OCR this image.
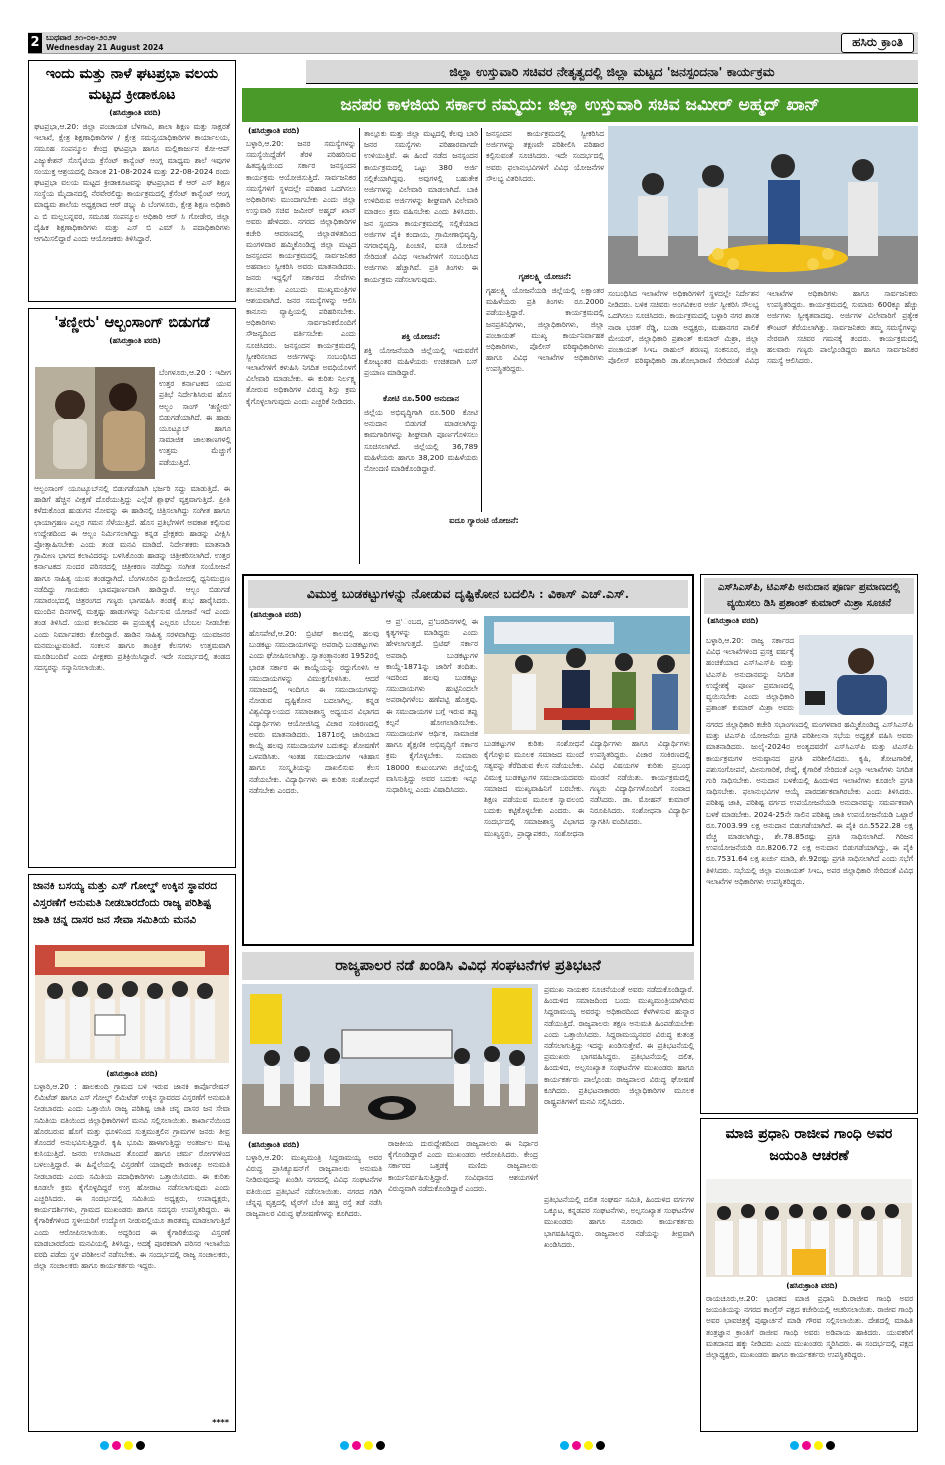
2 ಬುಧವಾರ ೨೧-೦೮-೨೦೨೪
Wednesday 21 August 2024	ಹಸಿರು ಕ್ರಾಂತಿ
ಇಂದು ಮತ್ತು ನಾಳೆ ಘಟಪ್ರಭಾ ವಲಯ ಮಟ್ಟದ ಕ್ರೀಡಾಕೂಟ
(ಹಸಿರುಕ್ರಾಂತಿ ವರದಿ)
ಘಟಪ್ರಭಾ,ಆ.20: ಜಿಲ್ಲಾ ಪಂಚಾಯತ ಬೆಳಗಾವಿ, ಶಾಲಾ ಶಿಕ್ಷಣ ಮತ್ತು ಸಾಕ್ಷರತೆ ಇಲಾಖೆ, ಕ್ಷೇತ್ರ ಶಿಕ್ಷಣಾಧಿಕಾರಿಗಳ / ಕ್ಷೇತ್ರ ಸಮನ್ವಯಾಧಿಕಾರಿಗಳ ಕಾರ್ಯಾಲಯ, ಸಮೂಹ ಸಂಪನ್ಮೂಲ ಕೇಂದ್ರ ಘಟಪ್ರಭಾ ಹಾಗೂ ಮಲ್ಲಿಕಾರ್ಜುನ ಕೋ-ಆಪ್ ಎಜ್ಯುಕೇಶನ್ ಸೊಸೈಟಿಯ ಕ್ರೆಸೆಂಟ್ ಕಾನ್ವೆಂಟ್ ಆಂಗ್ಲ ಮಾಧ್ಯಮ ಶಾಲೆ ಇವುಗಳ ಸಂಯುಕ್ತ ಆಶ್ರಯದಲ್ಲಿ ದಿನಾಂಕ 21-08-2024 ಮತ್ತು 22-08-2024 ರಂದು ಘಟಪ್ರಭಾ ವಲಯ ಮಟ್ಟದ ಕ್ರೀಡಾಕೂಟವನ್ನು ಘಟಪ್ರಭಾದ ಕೆ ಆರ್ ಎಸ್ ಶಿಕ್ಷಣ ಸಂಸ್ಥೆಯ ಮೈದಾನದಲ್ಲಿ ನೆರವೇರಲಿದ್ದು ಕಾರ್ಯಕ್ರಮದಲ್ಲಿ ಕ್ರೆಸೆಂಟ್ ಕಾನ್ವೆಂಟ್ ಆಂಗ್ಲ ಮಾಧ್ಯಮ ಶಾಲೆಯ ಅಧ್ಯಕ್ಷರಾದ ಆರ್ ಡಬ್ಲ್ಯು ಪಿ ಬೆಂಗಳೂರು, ಕ್ಷೇತ್ರ ಶಿಕ್ಷಣ ಅಧಿಕಾರಿ ಎ ಬಿ ಮಲ್ಲಬನ್ನವರ, ಸಮೂಹ ಸಂಪನ್ಮೂಲ ಅಧಿಕಾರಿ ಆರ್ ಸಿ ಗೋಡೇರ, ಜಿಲ್ಲಾ ದೈಹಿಕ ಶಿಕ್ಷಣಾಧಿಕಾರಿಗಳು ಮತ್ತು ಎಸ್ ಬಿ ಎಮ್ ಸಿ ಪದಾಧಿಕಾರಿಗಳು ಆಗಮಿಸಲಿದ್ದಾರೆ ಎಂದು ಆಯೋಜಕರು ತಿಳಿಸಿದ್ದಾರೆ.
'ತಣ್ಣೀರು' ಆಲ್ಬಂಸಾಂಗ್ ಬಿಡುಗಡೆ
(ಹಸಿರುಕ್ರಾಂತಿ ವರದಿ)
ಬೆಂಗಳೂರು,ಆ.20 : ಇದೀಗ ಉತ್ತರ ಕರ್ನಾಟಕದ ಯುವ ಪ್ರತಿಭೆ ನಿರ್ದೇಶಿಸಿರುವ ಹೊಸ ಆಲ್ಬಂ ಸಾಂಗ್ 'ತಣ್ಣೀರು' ಬಿಡುಗಡೆಯಾಗಿದೆ. ಈ ಹಾಡು ಯೂಟ್ಯೂಬ್ ಹಾಗೂ ಸಾಮಾಜಿಕ ಜಾಲತಾಣಗಳಲ್ಲಿ ಉತ್ತಮ ಮೆಚ್ಚುಗೆ ಪಡೆಯುತ್ತಿದೆ.
ಆಲ್ಬಂಸಾಂಗ್ ಯೂಟ್ಯೂಬ್‌ನಲ್ಲಿ ಬಿಡುಗಡೆಯಾಗಿ ಭರ್ಜರಿ ಸದ್ದು ಮಾಡುತ್ತಿದೆ. ಈ ಹಾಡಿಗೆ ಹೆಚ್ಚಿನ ವೀಕ್ಷಣೆ ದೊರೆಯುತ್ತಿದ್ದು ಎಲ್ಲೆಡೆ ಶ್ಲಾಘನೆ ವ್ಯಕ್ತವಾಗುತ್ತಿದೆ. ಪ್ರೀತಿ ಕಳೆದುಕೊಂಡ ಹುಡುಗನ ನೋವನ್ನು ಈ ಹಾಡಿನಲ್ಲಿ ಚಿತ್ರಿಸಲಾಗಿದ್ದು ಸಂಗೀತ ಹಾಗೂ ಛಾಯಾಗ್ರಹಣ ಎಲ್ಲರ ಗಮನ ಸೆಳೆಯುತ್ತಿದೆ. ಹೊಸ ಪ್ರತಿಭೆಗಳಿಗೆ ಅವಕಾಶ ಕಲ್ಪಿಸುವ ಉದ್ದೇಶದಿಂದ ಈ ಆಲ್ಬಂ ನಿರ್ಮಿಸಲಾಗಿದ್ದು ಕನ್ನಡ ಪ್ರೇಕ್ಷಕರು ಹಾಡನ್ನು ವೀಕ್ಷಿಸಿ ಪ್ರೋತ್ಸಾಹಿಸಬೇಕು ಎಂದು ತಂಡ ಮನವಿ ಮಾಡಿದೆ. ನಿರ್ದೇಶಕರು ಮಾತನಾಡಿ ಗ್ರಾಮೀಣ ಭಾಗದ ಕಲಾವಿದರನ್ನು ಬಳಸಿಕೊಂಡು ಹಾಡನ್ನು ಚಿತ್ರೀಕರಿಸಲಾಗಿದೆ. ಉತ್ತರ ಕರ್ನಾಟಕದ ಸುಂದರ ಪರಿಸರದಲ್ಲಿ ಚಿತ್ರೀಕರಣ ನಡೆದಿದ್ದು ಸಂಗೀತ ಸಂಯೋಜನೆ ಹಾಗೂ ಸಾಹಿತ್ಯ ಯುವ ತಂಡದ್ದಾಗಿದೆ. ಬೆಂಗಳೂರಿನ ಸ್ಟುಡಿಯೋದಲ್ಲಿ ಧ್ವನಿಮುದ್ರಣ ನಡೆದಿದ್ದು ಗಾಯಕರು ಭಾವಪೂರ್ಣವಾಗಿ ಹಾಡಿದ್ದಾರೆ. ಆಲ್ಬಂ ಬಿಡುಗಡೆ ಸಮಾರಂಭದಲ್ಲಿ ಚಿತ್ರರಂಗದ ಗಣ್ಯರು ಭಾಗವಹಿಸಿ ತಂಡಕ್ಕೆ ಶುಭ ಹಾರೈಸಿದರು. ಮುಂದಿನ ದಿನಗಳಲ್ಲಿ ಮತ್ತಷ್ಟು ಹಾಡುಗಳನ್ನು ನಿರ್ಮಿಸುವ ಯೋಜನೆ ಇದೆ ಎಂದು ತಂಡ ತಿಳಿಸಿದೆ. ಯುವ ಕಲಾವಿದರ ಈ ಪ್ರಯತ್ನಕ್ಕೆ ಎಲ್ಲರೂ ಬೆಂಬಲ ನೀಡಬೇಕು ಎಂದು ನಿರ್ಮಾಪಕರು ಕೋರಿದ್ದಾರೆ. ಹಾಡಿನ ಸಾಹಿತ್ಯ ಸರಳವಾಗಿದ್ದು ಯುವಜನರ ಮನಮುಟ್ಟುವಂತಿದೆ. ಸಂಕಲನ ಹಾಗೂ ತಾಂತ್ರಿಕ ಕೆಲಸಗಳು ಉತ್ತಮವಾಗಿ ಮೂಡಿಬಂದಿವೆ ಎಂದು ವೀಕ್ಷಕರು ಪ್ರತಿಕ್ರಿಯಿಸಿದ್ದಾರೆ. ಇದೇ ಸಂದರ್ಭದಲ್ಲಿ ತಂಡದ ಸದಸ್ಯರನ್ನು ಸನ್ಮಾನಿಸಲಾಯಿತು.
ಜಾನಕಿ ಬಸಯ್ಯ ಮತ್ತು ಎಸ್ ಗೋಲ್ಡ್ ಉಕ್ಕಿನ ಸ್ಥಾವರದ ವಿಸ್ತರಣೆಗೆ ಅನುಮತಿ ನೀಡಬಾರದೆಂದು ರಾಜ್ಯ ಪರಿಶಿಷ್ಟ ಜಾತಿ ಚನ್ನ ದಾಸರ ಜನ ಸೇವಾ ಸಮಿತಿಯ ಮನವಿ
(ಹಸಿರುಕ್ರಾಂತಿ ವರದಿ)
ಬಳ್ಳಾರಿ,ಆ.20 : ಹಾಲಕುಂದಿ ಗ್ರಾಮದ ಬಳಿ ಇರುವ ಜಾನಕಿ ಕಾರ್ಪೊರೇಷನ್ ಲಿಮಿಟೆಡ್ ಹಾಗೂ ಎಸ್ ಗೋಲ್ಡ್ ಲಿಮಿಟೆಡ್ ಉಕ್ಕಿನ ಸ್ಥಾವರದ ವಿಸ್ತರಣೆಗೆ ಅನುಮತಿ ನೀಡಬಾರದು ಎಂದು ಒತ್ತಾಯಿಸಿ ರಾಜ್ಯ ಪರಿಶಿಷ್ಟ ಜಾತಿ ಚನ್ನ ದಾಸರ ಜನ ಸೇವಾ ಸಮಿತಿಯ ವತಿಯಿಂದ ಜಿಲ್ಲಾಧಿಕಾರಿಗಳಿಗೆ ಮನವಿ ಸಲ್ಲಿಸಲಾಯಿತು. ಕಾರ್ಖಾನೆಯಿಂದ ಹೊರಬರುವ ಹೊಗೆ ಮತ್ತು ಧೂಳಿನಿಂದ ಸುತ್ತಮುತ್ತಲಿನ ಗ್ರಾಮಗಳ ಜನರು ತೀವ್ರ ತೊಂದರೆ ಅನುಭವಿಸುತ್ತಿದ್ದಾರೆ. ಕೃಷಿ ಭೂಮಿ ಹಾಳಾಗುತ್ತಿದ್ದು ಅಂತರ್ಜಲ ಮಟ್ಟ ಕುಸಿಯುತ್ತಿದೆ. ಜನರು ಉಸಿರಾಟದ ತೊಂದರೆ ಹಾಗೂ ಚರ್ಮ ರೋಗಗಳಿಂದ ಬಳಲುತ್ತಿದ್ದಾರೆ. ಈ ಹಿನ್ನೆಲೆಯಲ್ಲಿ ವಿಸ್ತರಣೆಗೆ ಯಾವುದೇ ಕಾರಣಕ್ಕೂ ಅನುಮತಿ ನೀಡಬಾರದು ಎಂದು ಸಮಿತಿಯ ಪದಾಧಿಕಾರಿಗಳು ಒತ್ತಾಯಿಸಿದರು. ಈ ಕುರಿತು ಕೂಡಲೇ ಕ್ರಮ ಕೈಗೊಳ್ಳದಿದ್ದರೆ ಉಗ್ರ ಹೋರಾಟ ನಡೆಸಲಾಗುವುದು ಎಂದು ಎಚ್ಚರಿಸಿದರು. ಈ ಸಂದರ್ಭದಲ್ಲಿ ಸಮಿತಿಯ ಅಧ್ಯಕ್ಷರು, ಉಪಾಧ್ಯಕ್ಷರು, ಕಾರ್ಯದರ್ಶಿಗಳು, ಗ್ರಾಮದ ಮುಖಂಡರು ಹಾಗೂ ಸದಸ್ಯರು ಉಪಸ್ಥಿತರಿದ್ದರು. ಈ ಕೈಗಾರಿಕೆಗಳಿಂದ ಸ್ಥಳೀಯರಿಗೆ ಉದ್ಯೋಗ ನೀಡುವಲ್ಲಿಯೂ ತಾರತಮ್ಯ ಮಾಡಲಾಗುತ್ತಿದೆ ಎಂದು ಆರೋಪಿಸಲಾಯಿತು. ಅದ್ದರಿಂದ ಈ ಕೈಗಾರಿಕೆಯನ್ನು ವಿಸ್ತರಣೆ ಮಾಡಬಾರದೆಂದು ಮನವಿಯಲ್ಲಿ ತಿಳಿಸಿದ್ದು, ಅದಕ್ಕೆ ಪೂರಕವಾಗಿ ಪರಿಸರ ಇಲಾಖೆಯ ವರದಿ ಪಡೆದು ಸ್ಥಳ ಪರಿಶೀಲನೆ ನಡೆಸಬೇಕು. ಈ ಸಂದರ್ಭದಲ್ಲಿ ರಾಜ್ಯ ಸಂಚಾಲಕರು, ಜಿಲ್ಲಾ ಸಂಚಾಲಕರು ಹಾಗೂ ಕಾರ್ಯಕರ್ತರು ಇದ್ದರು.
****
ಜಿಲ್ಲಾ ಉಸ್ತುವಾರಿ ಸಚಿವರ ನೇತೃತ್ವದಲ್ಲಿ ಜಿಲ್ಲಾ ಮಟ್ಟದ 'ಜನಸ್ಪಂದನಾ' ಕಾರ್ಯಕ್ರಮ
ಜನಪರ ಕಾಳಜಿಯ ಸರ್ಕಾರ ನಮ್ಮದು: ಜಿಲ್ಲಾ ಉಸ್ತುವಾರಿ ಸಚಿವ ಜಮೀರ್ ಅಹ್ಮದ್ ಖಾನ್
(ಹಸಿರುಕ್ರಾಂತಿ ವರದಿ)
ಬಳ್ಳಾರಿ,ಆ.20: ಜನರ ಸಮಸ್ಯೆಗಳನ್ನು ಸಮಸ್ಯೆಯಿದ್ದೆಡೆಗೆ ತೆರಳಿ ಪರಿಹರಿಸುವ ಹಿತದೃಷ್ಟಿಯಿಂದ ಸರ್ಕಾರ ಜನಸ್ಪಂದನ ಕಾರ್ಯಕ್ರಮ ಆಯೋಜಿಸುತ್ತಿದೆ. ಸಾರ್ವಜನಿಕರ ಸಮಸ್ಯೆಗಳಿಗೆ ಸ್ಥಳದಲ್ಲೇ ಪರಿಹಾರ ಒದಗಿಸಲು ಅಧಿಕಾರಿಗಳು ಮುಂದಾಗಬೇಕು ಎಂದು ಜಿಲ್ಲಾ ಉಸ್ತುವಾರಿ ಸಚಿವ ಜಮೀರ್ ಅಹ್ಮದ್ ಖಾನ್ ಅವರು ಹೇಳಿದರು. ನಗರದ ಜಿಲ್ಲಾಧಿಕಾರಿಗಳ ಕಚೇರಿ ಆವರಣದಲ್ಲಿ ಜಿಲ್ಲಾಡಳಿತದಿಂದ ಮಂಗಳವಾರ ಹಮ್ಮಿಕೊಂಡಿದ್ದ ಜಿಲ್ಲಾ ಮಟ್ಟದ ಜನಸ್ಪಂದನ ಕಾರ್ಯಕ್ರಮದಲ್ಲಿ ಸಾರ್ವಜನಿಕರ ಅಹವಾಲು ಸ್ವೀಕರಿಸಿ ಅವರು ಮಾತನಾಡಿದರು. ಜನರು ಇದ್ದಲ್ಲಿಗೆ ಸರ್ಕಾರದ ಸೇವೆಗಳು ತಲುಪಬೇಕು ಎಂಬುದು ಮುಖ್ಯಮಂತ್ರಿಗಳ ಆಶಯವಾಗಿದೆ. ಜನರ ಸಮಸ್ಯೆಗಳನ್ನು ಆಲಿಸಿ ಕಾನೂನು ವ್ಯಾಪ್ತಿಯಲ್ಲಿ ಪರಿಹರಿಸಬೇಕು. ಅಧಿಕಾರಿಗಳು ಸಾರ್ವಜನಿಕರೊಂದಿಗೆ ಸೌಜನ್ಯದಿಂದ ವರ್ತಿಸಬೇಕು ಎಂದು ಸೂಚಿಸಿದರು. ಜನಸ್ಪಂದನ ಕಾರ್ಯಕ್ರಮದಲ್ಲಿ ಸ್ವೀಕರಿಸಲಾದ ಅರ್ಜಿಗಳನ್ನು ಸಂಬಂಧಿಸಿದ ಇಲಾಖೆಗಳಿಗೆ ಕಳುಹಿಸಿ ನಿಗದಿತ ಅವಧಿಯೊಳಗೆ ವಿಲೇವಾರಿ ಮಾಡಬೇಕು. ಈ ಕುರಿತು ನಿರ್ಲಕ್ಷ್ಯ ತೋರುವ ಅಧಿಕಾರಿಗಳ ವಿರುದ್ಧ ಶಿಸ್ತು ಕ್ರಮ ಕೈಗೊಳ್ಳಲಾಗುವುದು ಎಂದು ಎಚ್ಚರಿಕೆ ನೀಡಿದರು.
ತಾಲ್ಲೂಕು ಮತ್ತು ಜಿಲ್ಲಾ ಮಟ್ಟದಲ್ಲಿ ಕೆಲವು ಬಾರಿ ಜನರ ಸಮಸ್ಯೆಗಳು ಪರಿಹಾರವಾಗದೇ ಉಳಿಯುತ್ತಿವೆ. ಈ ಹಿಂದೆ ನಡೆದ ಜನಸ್ಪಂದನ ಕಾರ್ಯಕ್ರಮದಲ್ಲಿ ಒಟ್ಟು 380 ಅರ್ಜಿ ಸಲ್ಲಿಕೆಯಾಗಿದ್ದವು. ಅವುಗಳಲ್ಲಿ ಬಹುತೇಕ ಅರ್ಜಿಗಳನ್ನು ವಿಲೇವಾರಿ ಮಾಡಲಾಗಿದೆ. ಬಾಕಿ ಉಳಿದಿರುವ ಅರ್ಜಿಗಳನ್ನು ಶೀಘ್ರವಾಗಿ ವಿಲೇವಾರಿ ಮಾಡಲು ಕ್ರಮ ವಹಿಸಬೇಕು ಎಂದು ತಿಳಿಸಿದರು. ಜನ ಸ್ಪಂದನಾ ಕಾರ್ಯಕ್ರಮದಲ್ಲಿ ಸಲ್ಲಿಕೆಯಾದ ಅರ್ಜಿಗಳ ಪೈಕಿ ಕಂದಾಯ, ಗ್ರಾಮೀಣಾಭಿವೃದ್ಧಿ, ನಗರಾಭಿವೃದ್ಧಿ, ಪಿಂಚಣಿ, ವಸತಿ ಯೋಜನೆ ಸೇರಿದಂತೆ ವಿವಿಧ ಇಲಾಖೆಗಳಿಗೆ ಸಂಬಂಧಿಸಿದ ಅರ್ಜಿಗಳು ಹೆಚ್ಚಾಗಿವೆ. ಪ್ರತಿ ತಿಂಗಳು ಈ ಕಾರ್ಯಕ್ರಮ ನಡೆಸಲಾಗುವುದು.
ಶಕ್ತಿ ಯೋಜನೆ:
ಶಕ್ತಿ ಯೋಜನೆಯಡಿ ಜಿಲ್ಲೆಯಲ್ಲಿ ಇದುವರೆಗೆ ಕೋಟ್ಯಂತರ ಮಹಿಳೆಯರು ಉಚಿತವಾಗಿ ಬಸ್ ಪ್ರಯಾಣ ಮಾಡಿದ್ದಾರೆ.
ಕೋಟಿ ರೂ.500 ಅನುದಾನ
ಜಿಲ್ಲೆಯ ಅಭಿವೃದ್ಧಿಗಾಗಿ ರೂ.500 ಕೋಟಿ ಅನುದಾನ ಬಿಡುಗಡೆ ಮಾಡಲಾಗಿದ್ದು ಕಾಮಗಾರಿಗಳನ್ನು ಶೀಘ್ರವಾಗಿ ಪೂರ್ಣಗೊಳಿಸಲು ಸೂಚಿಸಲಾಗಿದೆ. ಜಿಲ್ಲೆಯಲ್ಲಿ 36,789 ಮಹಿಳೆಯರು ಹಾಗೂ 38,200 ಮಹಿಳೆಯರು ನೋಂದಣಿ ಮಾಡಿಕೊಂಡಿದ್ದಾರೆ.
ಐದೂ ಗ್ಯಾರಂಟಿ ಯೋಜನೆ:
ಜನಸ್ಪಂದನ ಕಾರ್ಯಕ್ರಮದಲ್ಲಿ ಸ್ವೀಕರಿಸಿದ ಅರ್ಜಿಗಳನ್ನು ತಕ್ಷಣವೇ ಪರಿಶೀಲಿಸಿ ಪರಿಹಾರ ಕಲ್ಪಿಸುವಂತೆ ಸೂಚಿಸಿದರು. ಇದೇ ಸಂದರ್ಭದಲ್ಲಿ ಅವರು ಫಲಾನುಭವಿಗಳಿಗೆ ವಿವಿಧ ಯೋಜನೆಗಳ ಸೌಲಭ್ಯ ವಿತರಿಸಿದರು.
ಗೃಹಲಕ್ಷ್ಮಿ ಯೋಜನೆ:
ಗೃಹಲಕ್ಷ್ಮಿ ಯೋಜನೆಯಡಿ ಜಿಲ್ಲೆಯಲ್ಲಿ ಲಕ್ಷಾಂತರ ಮಹಿಳೆಯರು ಪ್ರತಿ ತಿಂಗಳು ರೂ.2000 ಪಡೆಯುತ್ತಿದ್ದಾರೆ. ಕಾರ್ಯಕ್ರಮದಲ್ಲಿ ಜನಪ್ರತಿನಿಧಿಗಳು, ಜಿಲ್ಲಾಧಿಕಾರಿಗಳು, ಜಿಲ್ಲಾ ಪಂಚಾಯತ್ ಮುಖ್ಯ ಕಾರ್ಯನಿರ್ವಾಹಕ ಅಧಿಕಾರಿಗಳು, ಪೊಲೀಸ್ ವರಿಷ್ಠಾಧಿಕಾರಿಗಳು ಹಾಗೂ ವಿವಿಧ ಇಲಾಖೆಗಳ ಅಧಿಕಾರಿಗಳು ಉಪಸ್ಥಿತರಿದ್ದರು.
ಸಂಬಂಧಿಸಿದ ಇಲಾಖೆಗಳ ಅಧಿಕಾರಿಗಳಿಗೆ ಸ್ಥಳದಲ್ಲೇ ನಿರ್ದೇಶನ ನೀಡಿದರು. ಬಳಿಕ ಸಚಿವರು ಅಂಗವಿಕಲರ ಅರ್ಜಿ ಸ್ವೀಕರಿಸಿ ಸೌಲಭ್ಯ ಒದಗಿಸಲು ಸೂಚಿಸಿದರು. ಕಾರ್ಯಕ್ರಮದಲ್ಲಿ ಬಳ್ಳಾರಿ ನಗರ ಶಾಸಕ ನಾರಾ ಭರತ್ ರೆಡ್ಡಿ, ಬುಡಾ ಅಧ್ಯಕ್ಷರು, ಮಹಾನಗರ ಪಾಲಿಕೆ ಮೇಯರ್, ಜಿಲ್ಲಾಧಿಕಾರಿ ಪ್ರಶಾಂತ್ ಕುಮಾರ್ ಮಿಶ್ರಾ, ಜಿಲ್ಲಾ ಪಂಚಾಯತ್ ಸಿಇಒ ರಾಹುಲ್ ಶರಣಪ್ಪ ಸಂಕನೂರ, ಜಿಲ್ಲಾ ಪೊಲೀಸ್ ವರಿಷ್ಠಾಧಿಕಾರಿ ಡಾ.ಶೋಭಾರಾಣಿ ಸೇರಿದಂತೆ ವಿವಿಧ ಇಲಾಖೆಗಳ ಅಧಿಕಾರಿಗಳು ಹಾಗೂ ಸಾರ್ವಜನಿಕರು ಉಪಸ್ಥಿತರಿದ್ದರು. ಕಾರ್ಯಕ್ರಮದಲ್ಲಿ ಸುಮಾರು 600ಕ್ಕೂ ಹೆಚ್ಚು ಅರ್ಜಿಗಳು ಸ್ವೀಕೃತವಾದವು. ಅರ್ಜಿಗಳ ವಿಲೇವಾರಿಗೆ ಪ್ರತ್ಯೇಕ ಕೌಂಟರ್ ತೆರೆಯಲಾಗಿತ್ತು. ಸಾರ್ವಜನಿಕರು ತಮ್ಮ ಸಮಸ್ಯೆಗಳನ್ನು ನೇರವಾಗಿ ಸಚಿವರ ಗಮನಕ್ಕೆ ತಂದರು. ಕಾರ್ಯಕ್ರಮದಲ್ಲಿ ಹಲವಾರು ಗಣ್ಯರು ಪಾಲ್ಗೊಂಡಿದ್ದರು ಹಾಗೂ ಸಾರ್ವಜನಿಕರ ಸಮಸ್ಯೆ ಆಲಿಸಿದರು.
ವಿಮುಕ್ತ ಬುಡಕಟ್ಟುಗಳನ್ನು ನೋಡುವ ದೃಷ್ಟಿಕೋನ ಬದಲಿಸಿ : ವಿಕಾಸ್ ಎಚ್.ಎಸ್.
(ಹಸಿರುಕ್ರಾಂತಿ ವರದಿ)
ಹೊಸಪೇಟೆ,ಆ.20: ಬ್ರಿಟಿಷ್ ಕಾಲದಲ್ಲಿ ಹಲವು ಬುಡಕಟ್ಟು ಸಮುದಾಯಗಳನ್ನು ಅಪರಾಧಿ ಬುಡಕಟ್ಟುಗಳು ಎಂದು ಘೋಷಿಸಲಾಗಿತ್ತು. ಸ್ವಾತಂತ್ರ್ಯಾನಂತರ 1952ರಲ್ಲಿ ಭಾರತ ಸರ್ಕಾರ ಈ ಕಾಯ್ದೆಯನ್ನು ರದ್ದುಗೊಳಿಸಿ ಆ ಸಮುದಾಯಗಳನ್ನು ವಿಮುಕ್ತಗೊಳಿಸಿತು. ಆದರೆ ಸಮಾಜದಲ್ಲಿ ಇಂದಿಗೂ ಈ ಸಮುದಾಯಗಳನ್ನು ನೋಡುವ ದೃಷ್ಟಿಕೋನ ಬದಲಾಗಿಲ್ಲ. ಕನ್ನಡ ವಿಶ್ವವಿದ್ಯಾಲಯದ ಸಮಾಜಶಾಸ್ತ್ರ ಅಧ್ಯಯನ ವಿಭಾಗದ ವಿದ್ಯಾರ್ಥಿಗಳು ಆಯೋಜಿಸಿದ್ದ ವಿಚಾರ ಸಂಕಿರಣದಲ್ಲಿ ಅವರು ಮಾತನಾಡಿದರು. 1871ರಲ್ಲಿ ಜಾರಿಯಾದ ಕಾಯ್ದೆ ಹಲವು ಸಮುದಾಯಗಳ ಬದುಕನ್ನು ಶೋಷಣೆಗೆ ಒಳಪಡಿಸಿತು. ಇಂತಹ ಸಮುದಾಯಗಳ ಇತಿಹಾಸ ಹಾಗೂ ಸಂಸ್ಕೃತಿಯನ್ನು ದಾಖಲಿಸುವ ಕೆಲಸ ನಡೆಯಬೇಕು. ವಿದ್ಯಾರ್ಥಿಗಳು ಈ ಕುರಿತು ಸಂಶೋಧನೆ ನಡೆಸಬೇಕು ಎಂದರು.
ಆ ಪ್ರ'ಂಬದ, ಪ್ರ'ಬರದಿನಗಳಲ್ಲಿ ಈ ಕೃತ್ಯಗಳನ್ನು ಮಾಡಿದ್ದರು ಎಂದು ಹೇಳಲಾಗುತ್ತದೆ. ಬ್ರಿಟಿಷ್ ಸರ್ಕಾರ ಅಪರಾಧಿ ಬುಡಕಟ್ಟುಗಳ ಕಾಯ್ದೆ-1871ನ್ನು ಜಾರಿಗೆ ತಂದಿತು. ಇದರಿಂದ ಹಲವು ಬುಡಕಟ್ಟು ಸಮುದಾಯಗಳು ಹುಟ್ಟಿನಿಂದಲೇ ಅಪರಾಧಿಗಳೆಂಬ ಹಣೆಪಟ್ಟಿ ಹೊತ್ತವು. ಈ ಸಮುದಾಯಗಳ ಬಗ್ಗೆ ಇರುವ ತಪ್ಪು ಕಲ್ಪನೆ ಹೋಗಲಾಡಿಸಬೇಕು. ಸಮುದಾಯಗಳ ಆರ್ಥಿಕ, ಸಾಮಾಜಿಕ ಹಾಗೂ ಶೈಕ್ಷಣಿಕ ಅಭಿವೃದ್ಧಿಗೆ ಸರ್ಕಾರ ಕ್ರಮ ಕೈಗೊಳ್ಳಬೇಕು. ಸುಮಾರು 18000 ಕುಟುಂಬಗಳು ಜಿಲ್ಲೆಯಲ್ಲಿ ವಾಸಿಸುತ್ತಿದ್ದು ಅವರ ಬದುಕು ಇನ್ನೂ ಸುಧಾರಿಸಿಲ್ಲ ಎಂದು ವಿಷಾದಿಸಿದರು.
ಬುಡಕಟ್ಟುಗಳ ಕುರಿತು ಸಂಶೋಧನೆ ಕೈಗೊಳ್ಳುವ ಮೂಲಕ ಸಮಾಜದ ಮುಂದೆ ಸತ್ಯವನ್ನು ತೆರೆದಿಡುವ ಕೆಲಸ ನಡೆಯಬೇಕು. ವಿಮುಕ್ತ ಬುಡಕಟ್ಟುಗಳ ಸಮುದಾಯದವರು ಸಮಾಜದ ಮುಖ್ಯವಾಹಿನಿಗೆ ಬರಬೇಕು. ಶಿಕ್ಷಣ ಪಡೆಯುವ ಮೂಲಕ ಸ್ವಾವಲಂಬಿ ಬದುಕು ಕಟ್ಟಿಕೊಳ್ಳಬೇಕು ಎಂದರು. ಈ ಸಂದರ್ಭದಲ್ಲಿ ಸಮಾಜಶಾಸ್ತ್ರ ವಿಭಾಗದ ಮುಖ್ಯಸ್ಥರು, ಪ್ರಾಧ್ಯಾಪಕರು, ಸಂಶೋಧನಾ ವಿದ್ಯಾರ್ಥಿಗಳು ಹಾಗೂ ವಿದ್ಯಾರ್ಥಿಗಳು ಉಪಸ್ಥಿತರಿದ್ದರು. ವಿಚಾರ ಸಂಕಿರಣದಲ್ಲಿ ವಿವಿಧ ವಿಷಯಗಳ ಕುರಿತು ಪ್ರಬಂಧ ಮಂಡನೆ ನಡೆಯಿತು. ಕಾರ್ಯಕ್ರಮದಲ್ಲಿ ಗಣ್ಯರು ವಿದ್ಯಾರ್ಥಿಗಳೊಂದಿಗೆ ಸಂವಾದ ನಡೆಸಿದರು. ಡಾ. ಮೋಹನ್ ಕುಮಾರ್ ನಿರೂಪಿಸಿದರು. ಸಂಶೋಧನಾ ವಿದ್ಯಾರ್ಥಿ ಸ್ವಾಗತಿಸಿ ವಂದಿಸಿದರು.
ಎಸ್‌ಸಿಎಸ್‌ಪಿ, ಟಿಎಸ್‌ಪಿ ಅನುದಾನ ಪೂರ್ಣ ಪ್ರಮಾಣದಲ್ಲಿ ವ್ಯಯಿಸಲು ಡಿಸಿ ಪ್ರಶಾಂತ್ ಕುಮಾರ್ ಮಿಶ್ರಾ ಸೂಚನೆ
(ಹಸಿರುಕ್ರಾಂತಿ ವರದಿ)
ಬಳ್ಳಾರಿ,ಆ.20: ರಾಜ್ಯ ಸರ್ಕಾರದ ವಿವಿಧ ಇಲಾಖೆಗಳಿಂದ ಪ್ರಸಕ್ತ ವರ್ಷಕ್ಕೆ ಹಂಚಿಕೆಯಾದ ಎಸ್‌ಸಿಎಸ್‌ಪಿ ಮತ್ತು ಟಿಎಸ್‌ಪಿ ಅನುದಾನವನ್ನು ನಿಗದಿತ ಉದ್ದೇಶಕ್ಕೆ ಪೂರ್ಣ ಪ್ರಮಾಣದಲ್ಲಿ ವ್ಯಯಿಸಬೇಕು ಎಂದು ಜಿಲ್ಲಾಧಿಕಾರಿ ಪ್ರಶಾಂತ್ ಕುಮಾರ್ ಮಿಶ್ರಾ ಅವರು
ನಗರದ ಜಿಲ್ಲಾಧಿಕಾರಿ ಕಚೇರಿ ಸಭಾಂಗಣದಲ್ಲಿ ಮಂಗಳವಾರ ಹಮ್ಮಿಕೊಂಡಿದ್ದ ಎಸ್‌ಸಿಎಸ್‌ಪಿ ಮತ್ತು ಟಿಎಸ್‌ಪಿ ಯೋಜನೆಯ ಪ್ರಗತಿ ಪರಿಶೀಲನಾ ಸಭೆಯ ಅಧ್ಯಕ್ಷತೆ ವಹಿಸಿ ಅವರು ಮಾತನಾಡಿದರು. ಜುಲೈ-2024ರ ಅಂತ್ಯದವರೆಗೆ ಎಸ್‌ಸಿಎಸ್‌ಪಿ ಮತ್ತು ಟಿಎಸ್‌ಪಿ ಕಾರ್ಯಕ್ರಮಗಳ ಅನುಷ್ಠಾನದ ಪ್ರಗತಿ ಪರಿಶೀಲಿಸಿದರು. ಕೃಷಿ, ತೋಟಗಾರಿಕೆ, ಪಶುಸಂಗೋಪನೆ, ಮೀನುಗಾರಿಕೆ, ರೇಷ್ಮೆ, ಕೈಗಾರಿಕೆ ಸೇರಿದಂತೆ ಎಲ್ಲಾ ಇಲಾಖೆಗಳು ನಿಗದಿತ ಗುರಿ ಸಾಧಿಸಬೇಕು. ಅನುದಾನ ಬಳಕೆಯಲ್ಲಿ ಹಿಂದುಳಿದ ಇಲಾಖೆಗಳು ಕೂಡಲೇ ಪ್ರಗತಿ ಸಾಧಿಸಬೇಕು. ಫಲಾನುಭವಿಗಳ ಆಯ್ಕೆ ಪಾರದರ್ಶಕವಾಗಿರಬೇಕು ಎಂದು ತಿಳಿಸಿದರು. ಪರಿಶಿಷ್ಟ ಜಾತಿ, ಪರಿಶಿಷ್ಟ ವರ್ಗದ ಉಪಯೋಜನೆಯಡಿ ಅನುದಾನವನ್ನು ಸಮರ್ಪಕವಾಗಿ ಬಳಕೆ ಮಾಡಬೇಕು. 2024-25ನೇ ಸಾಲಿನ ಪರಿಶಿಷ್ಟ ಜಾತಿ ಉಪಯೋಜನೆಯಡಿ ಒಟ್ಟಾರೆ ರೂ.7003.99 ಲಕ್ಷ ಅನುದಾನ ಬಿಡುಗಡೆಯಾಗಿದೆ. ಈ ಪೈಕಿ ರೂ.5522.28 ಲಕ್ಷ ವೆಚ್ಚ ಮಾಡಲಾಗಿದ್ದು, ಶೇ.78.85ರಷ್ಟು ಪ್ರಗತಿ ಸಾಧಿಸಲಾಗಿದೆ. ಗಿರಿಜನ ಉಪಯೋಜನೆಯಡಿ ರೂ.8206.72 ಲಕ್ಷ ಅನುದಾನ ಬಿಡುಗಡೆಯಾಗಿದ್ದು, ಈ ಪೈಕಿ ರೂ.7531.64 ಲಕ್ಷ ಖರ್ಚು ಮಾಡಿ, ಶೇ.92ರಷ್ಟು ಪ್ರಗತಿ ಸಾಧಿಸಲಾಗಿದೆ ಎಂದು ಸಭೆಗೆ ತಿಳಿಸಿದರು. ಸಭೆಯಲ್ಲಿ ಜಿಲ್ಲಾ ಪಂಚಾಯತ್ ಸಿಇಒ, ಅಪರ ಜಿಲ್ಲಾಧಿಕಾರಿ ಸೇರಿದಂತೆ ವಿವಿಧ ಇಲಾಖೆಗಳ ಅಧಿಕಾರಿಗಳು ಉಪಸ್ಥಿತರಿದ್ದರು.
ಮಾಜಿ ಪ್ರಧಾನಿ ರಾಜೀವ ಗಾಂಧಿ ಅವರ ಜಯಂತಿ ಆಚರಣೆ
(ಹಸಿರುಕ್ರಾಂತಿ ವರದಿ)
ರಾಯಚೂರು,ಆ.20: ಭಾರತದ ಮಾಜಿ ಪ್ರಧಾನಿ ದಿ.ರಾಜೀವ ಗಾಂಧಿ ಅವರ ಜಯಂತಿಯನ್ನು ನಗರದ ಕಾಂಗ್ರೆಸ್ ಪಕ್ಷದ ಕಚೇರಿಯಲ್ಲಿ ಆಚರಿಸಲಾಯಿತು. ರಾಜೀವ ಗಾಂಧಿ ಅವರ ಭಾವಚಿತ್ರಕ್ಕೆ ಪುಷ್ಪಾರ್ಚನೆ ಮಾಡಿ ಗೌರವ ಸಲ್ಲಿಸಲಾಯಿತು. ದೇಶದಲ್ಲಿ ಮಾಹಿತಿ ತಂತ್ರಜ್ಞಾನ ಕ್ರಾಂತಿಗೆ ರಾಜೀವ ಗಾಂಧಿ ಅವರು ಅಡಿಪಾಯ ಹಾಕಿದರು. ಯುವಕರಿಗೆ ಮತದಾನದ ಹಕ್ಕು ನೀಡಿದರು ಎಂದು ಮುಖಂಡರು ಸ್ಮರಿಸಿದರು. ಈ ಸಂದರ್ಭದಲ್ಲಿ ಪಕ್ಷದ ಜಿಲ್ಲಾಧ್ಯಕ್ಷರು, ಮುಖಂಡರು ಹಾಗೂ ಕಾರ್ಯಕರ್ತರು ಉಪಸ್ಥಿತರಿದ್ದರು.
ರಾಜ್ಯಪಾಲರ ನಡೆ ಖಂಡಿಸಿ ವಿವಿಧ ಸಂಘಟನೆಗಳ ಪ್ರತಿಭಟನೆ
ಪ್ರಮುಖ ನಾಯಕರ ಸೂಚನೆಯಂತೆ ಅವರು ನಡೆದುಕೊಂಡಿದ್ದಾರೆ. ಹಿಂದುಳಿದ ಸಮಾಜದಿಂದ ಬಂದು ಮುಖ್ಯಮಂತ್ರಿಯಾಗಿರುವ ಸಿದ್ದರಾಮಯ್ಯ ಅವರನ್ನು ಅಧಿಕಾರದಿಂದ ಕೆಳಗಿಳಿಸುವ ಹುನ್ನಾರ ನಡೆಯುತ್ತಿದೆ. ರಾಜ್ಯಪಾಲರು ತಕ್ಷಣ ಅನುಮತಿ ಹಿಂಪಡೆಯಬೇಕು ಎಂದು ಒತ್ತಾಯಿಸಿದರು. ಸಿದ್ದರಾಮಯ್ಯನವರ ವಿರುದ್ಧ ಕುತಂತ್ರ ನಡೆಸಲಾಗುತ್ತಿದ್ದು ಇದನ್ನು ಖಂಡಿಸುತ್ತೇವೆ. ಈ ಪ್ರತಿಭಟನೆಯಲ್ಲಿ ಪ್ರಮುಖರು ಭಾಗವಹಿಸಿದ್ದರು. ಪ್ರತಿಭಟನೆಯಲ್ಲಿ ದಲಿತ, ಹಿಂದುಳಿದ, ಅಲ್ಪಸಂಖ್ಯಾತ ಸಂಘಟನೆಗಳ ಮುಖಂಡರು ಹಾಗೂ ಕಾರ್ಯಕರ್ತರು ಪಾಲ್ಗೊಂಡು ರಾಜ್ಯಪಾಲರ ವಿರುದ್ಧ ಘೋಷಣೆ ಕೂಗಿದರು. ಪ್ರತಿಭಟನಾಕಾರರು ಜಿಲ್ಲಾಧಿಕಾರಿಗಳ ಮೂಲಕ ರಾಷ್ಟ್ರಪತಿಗಳಿಗೆ ಮನವಿ ಸಲ್ಲಿಸಿದರು.
(ಹಸಿರುಕ್ರಾಂತಿ ವರದಿ)
ಬಳ್ಳಾರಿ,ಆ.20: ಮುಖ್ಯಮಂತ್ರಿ ಸಿದ್ದರಾಮಯ್ಯ ಅವರ ವಿರುದ್ಧ ಪ್ರಾಸಿಕ್ಯೂಷನ್‌ಗೆ ರಾಜ್ಯಪಾಲರು ಅನುಮತಿ ನೀಡಿರುವುದನ್ನು ಖಂಡಿಸಿ ನಗರದಲ್ಲಿ ವಿವಿಧ ಸಂಘಟನೆಗಳ ವತಿಯಿಂದ ಪ್ರತಿಭಟನೆ ನಡೆಸಲಾಯಿತು. ನಗರದ ಗಡಿಗಿ ಚೆನ್ನಪ್ಪ ವೃತ್ತದಲ್ಲಿ ಟೈರ್‌ಗೆ ಬೆಂಕಿ ಹಚ್ಚಿ ರಸ್ತೆ ತಡೆ ನಡೆಸಿ ರಾಜ್ಯಪಾಲರ ವಿರುದ್ಧ ಘೋಷಣೆಗಳನ್ನು ಕೂಗಿದರು.
ರಾಜಕೀಯ ದುರುದ್ದೇಶದಿಂದ ರಾಜ್ಯಪಾಲರು ಈ ನಿರ್ಧಾರ ಕೈಗೊಂಡಿದ್ದಾರೆ ಎಂದು ಮುಖಂಡರು ಆರೋಪಿಸಿದರು. ಕೇಂದ್ರ ಸರ್ಕಾರದ ಒತ್ತಡಕ್ಕೆ ಮಣಿದು ರಾಜ್ಯಪಾಲರು ಕಾರ್ಯನಿರ್ವಹಿಸುತ್ತಿದ್ದಾರೆ. ಸಂವಿಧಾನದ ಆಶಯಗಳಿಗೆ ವಿರುದ್ಧವಾಗಿ ನಡೆದುಕೊಂಡಿದ್ದಾರೆ ಎಂದರು.
ಪ್ರತಿಭಟನೆಯಲ್ಲಿ ದಲಿತ ಸಂಘರ್ಷ ಸಮಿತಿ, ಹಿಂದುಳಿದ ವರ್ಗಗಳ ಒಕ್ಕೂಟ, ಕನ್ನಡಪರ ಸಂಘಟನೆಗಳು, ಅಲ್ಪಸಂಖ್ಯಾತ ಸಂಘಟನೆಗಳ ಮುಖಂಡರು ಹಾಗೂ ನೂರಾರು ಕಾರ್ಯಕರ್ತರು ಭಾಗವಹಿಸಿದ್ದರು. ರಾಜ್ಯಪಾಲರ ನಡೆಯನ್ನು ತೀವ್ರವಾಗಿ ಖಂಡಿಸಿದರು.
